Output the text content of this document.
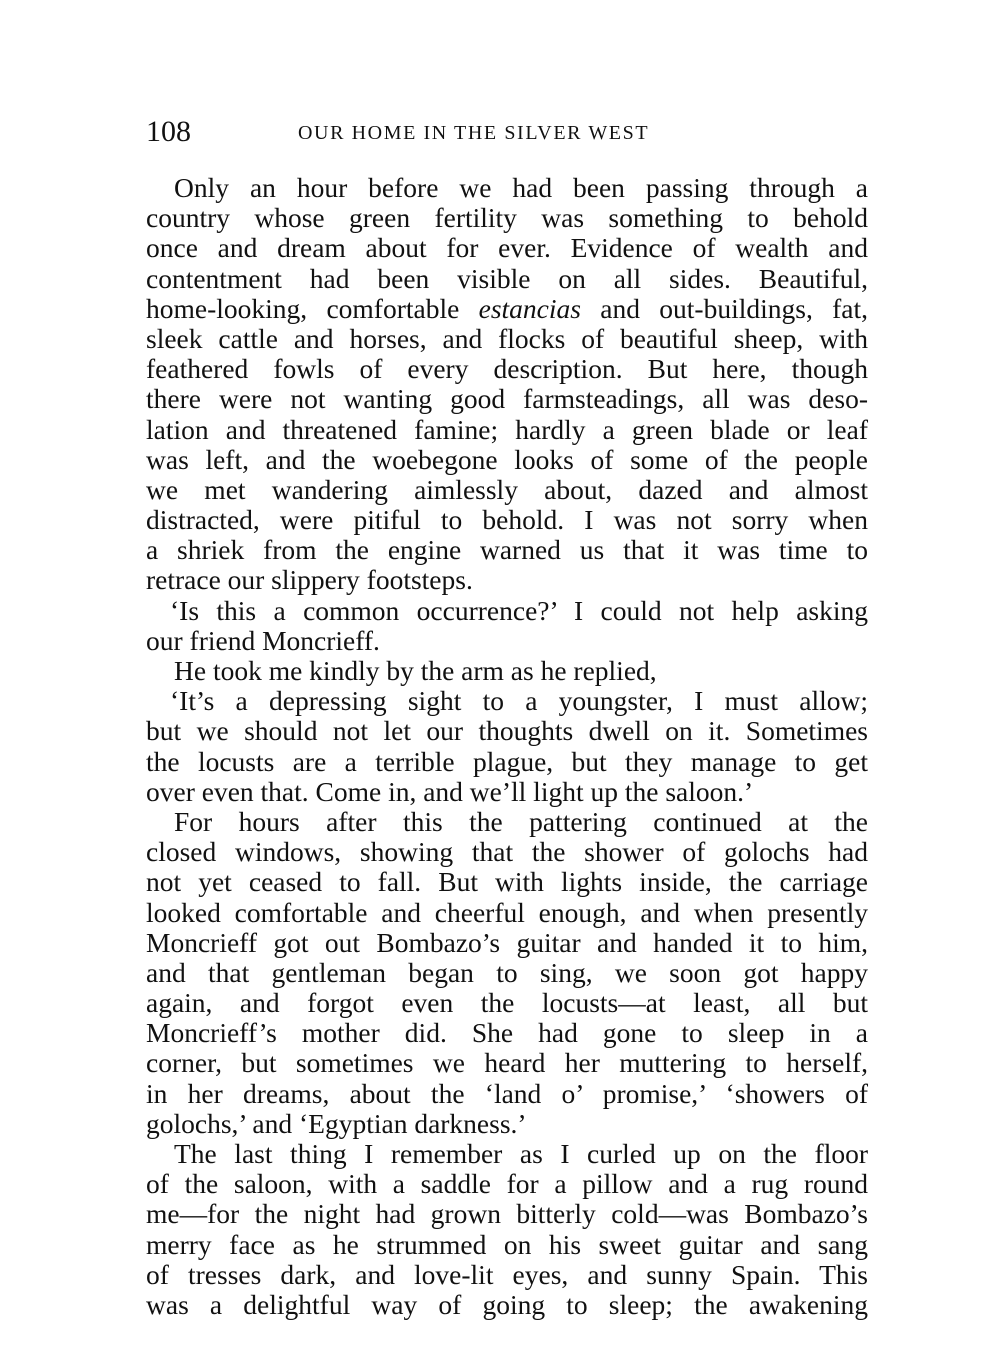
108	OUR HOME IN THE SILVER WEST
Only an hour before we had been passing through a
country whose green fertility was something to behold
once and dream about for ever. Evidence of wealth and
contentment had been visible on all sides. Beautiful,
home-looking, comfortable estancias and out-buildings, fat,
sleek cattle and horses, and flocks of beautiful sheep, with
feathered fowls of every description. But here, though
there were not wanting good farmsteadings, all was deso-
lation and threatened famine; hardly a green blade or leaf
was left, and the woebegone looks of some of the people
we met wandering aimlessly about, dazed and almost
distracted, were pitiful to behold. I was not sorry when
a shriek from the engine warned us that it was time to
retrace our slippery footsteps.
‘Is this a common occurrence?’ I could not help asking
our friend Moncrieff.
He took me kindly by the arm as he replied,
‘It’s a depressing sight to a youngster, I must allow;
but we should not let our thoughts dwell on it. Sometimes
the locusts are a terrible plague, but they manage to get
over even that. Come in, and we’ll light up the saloon.’
For hours after this the pattering continued at the
closed windows, showing that the shower of golochs had
not yet ceased to fall. But with lights inside, the carriage
looked comfortable and cheerful enough, and when presently
Moncrieff got out Bombazo’s guitar and handed it to him,
and that gentleman began to sing, we soon got happy
again, and forgot even the locusts—at least, all but
Moncrieff’s mother did. She had gone to sleep in a
corner, but sometimes we heard her muttering to herself,
in her dreams, about the ‘land o’ promise,’ ‘showers of
golochs,’ and ‘Egyptian darkness.’
The last thing I remember as I curled up on the floor
of the saloon, with a saddle for a pillow and a rug round
me—for the night had grown bitterly cold—was Bombazo’s
merry face as he strummed on his sweet guitar and sang
of tresses dark, and love-lit eyes, and sunny Spain. This
was a delightful way of going to sleep; the awakening
